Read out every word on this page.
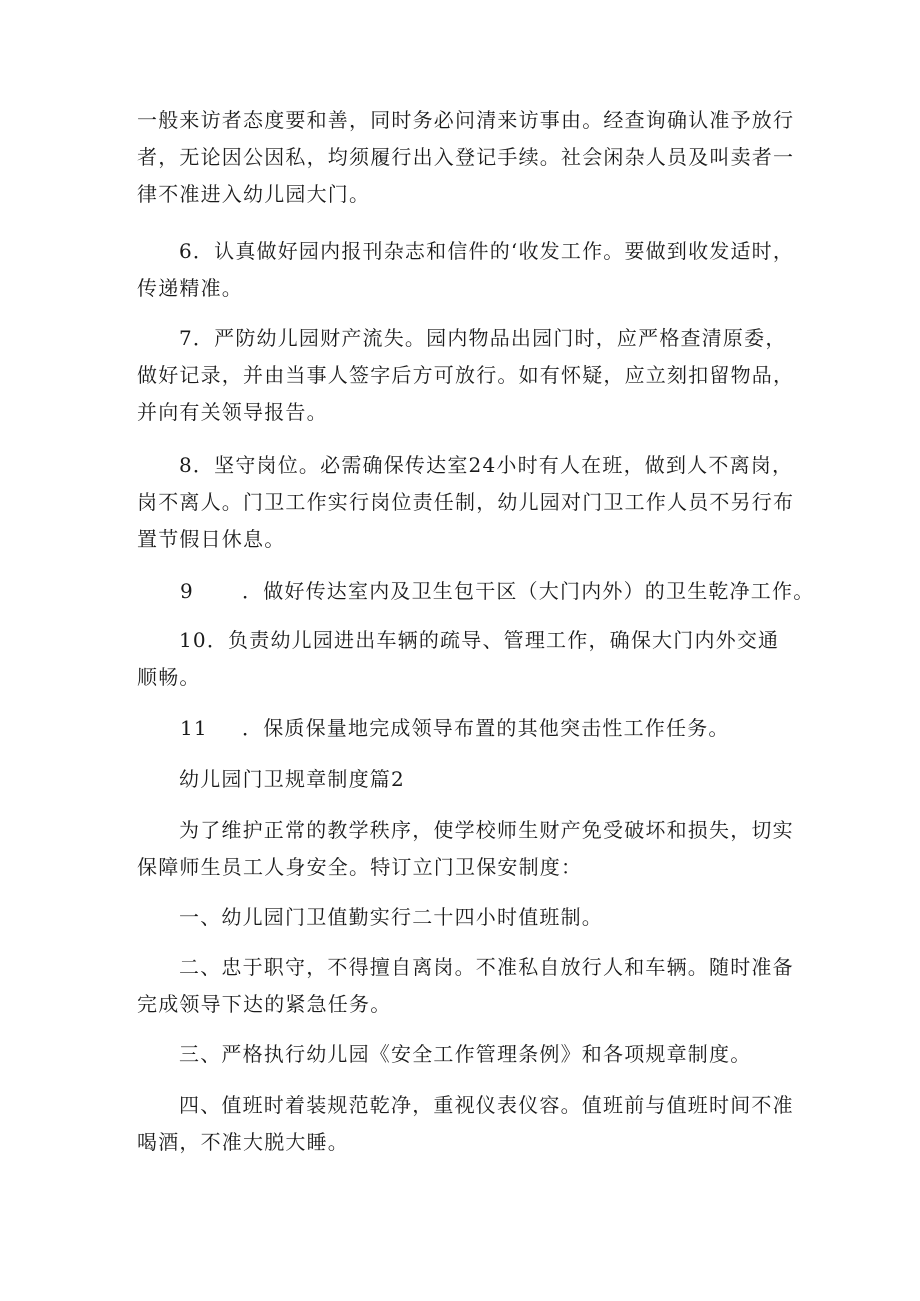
一般来访者态度要和善，同时务必问清来访事由。经查询确认准予放行者，无论因公因私，均须履行出入登记手续。社会闲杂人员及叫卖者一律不准进入幼儿园大门。

6．认真做好园内报刊杂志和信件的‘收发工作。要做到收发适时，传递精准。

7．严防幼儿园财产流失。园内物品出园门时，应严格查清原委，做好记录，并由当事人签字后方可放行。如有怀疑，应立刻扣留物品，并向有关领导报告。

8．坚守岗位。必需确保传达室24小时有人在班，做到人不离岗，岗不离人。门卫工作实行岗位责任制，幼儿园对门卫工作人员不另行布置节假日休息。

9 ．做好传达室内及卫生包干区（大门内外）的卫生乾净工作。

10．负责幼儿园进出车辆的疏导、管理工作，确保大门内外交通顺畅。

11 ．保质保量地完成领导布置的其他突击性工作任务。

幼儿园门卫规章制度篇2

为了维护正常的教学秩序，使学校师生财产免受破坏和损失，切实保障师生员工人身安全。特订立门卫保安制度：

一、幼儿园门卫值勤实行二十四小时值班制。

二、忠于职守，不得擅自离岗。不准私自放行人和车辆。随时准备完成领导下达的紧急任务。

三、严格执行幼儿园《安全工作管理条例》和各项规章制度。

四、值班时着装规范乾净，重视仪表仪容。值班前与值班时间不准喝酒，不准大脱大睡。
